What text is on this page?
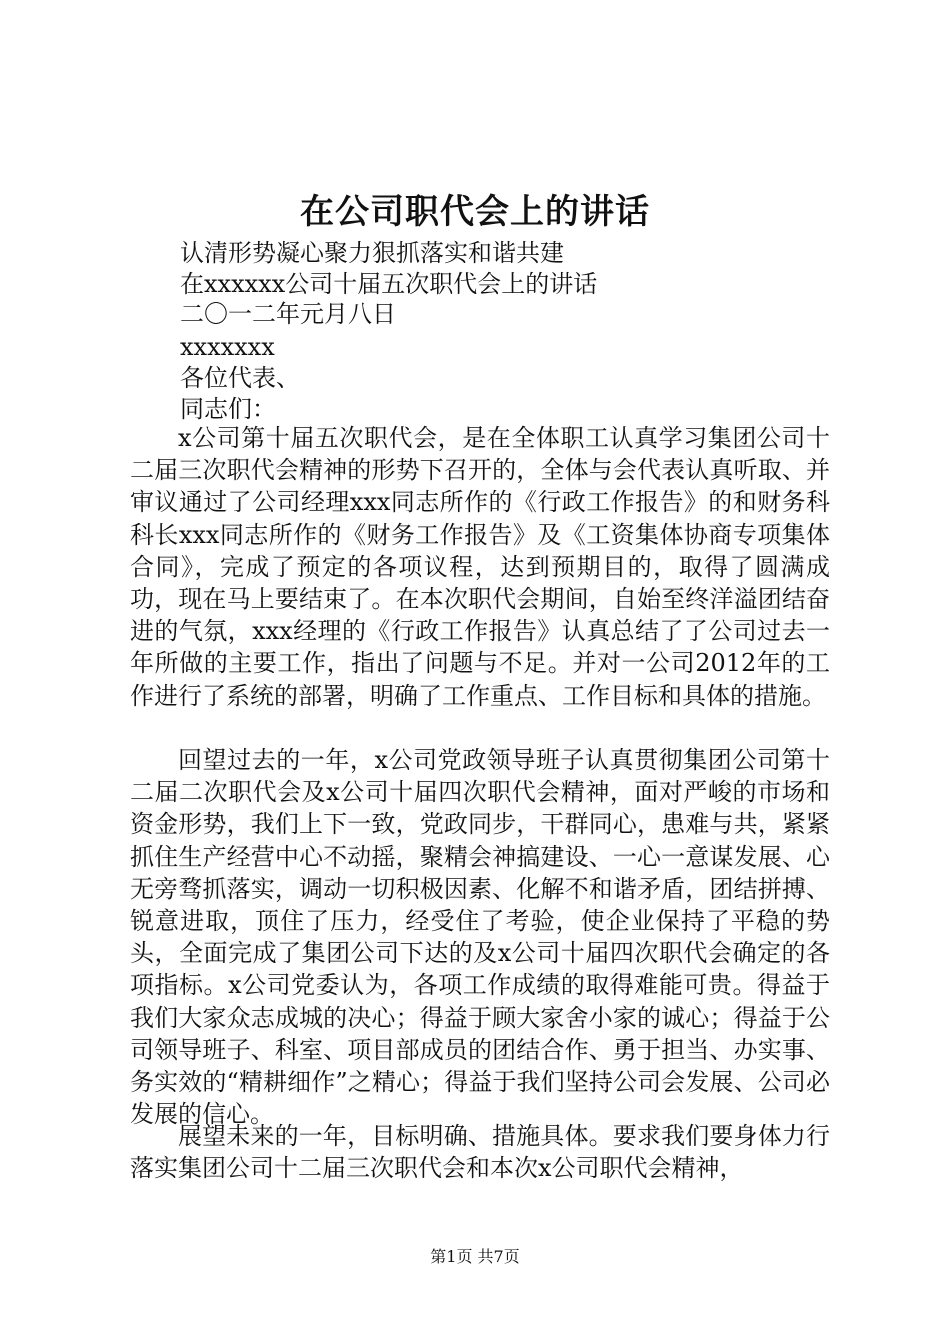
在公司职代会上的讲话
认清形势凝心聚力狠抓落实和谐共建
在xxxxxx公司十届五次职代会上的讲话
二〇一二年元月八日
xxxxxxx
各位代表、
同志们：

x公司第十届五次职代会，是在全体职工认真学习集团公司十二届三次职代会精神的形势下召开的，全体与会代表认真听取、并审议通过了公司经理xxx同志所作的《行政工作报告》的和财务科科长xxx同志所作的《财务工作报告》及《工资集体协商专项集体合同》，完成了预定的各项议程，达到预期目的，取得了圆满成功，现在马上要结束了。在本次职代会期间，自始至终洋溢团结奋进的气氛，xxx经理的《行政工作报告》认真总结了了公司过去一年所做的主要工作，指出了问题与不足。并对一公司2012年的工作进行了系统的部署，明确了工作重点、工作目标和具体的措施。

回望过去的一年，x公司党政领导班子认真贯彻集团公司第十二届二次职代会及x公司十届四次职代会精神，面对严峻的市场和资金形势，我们上下一致，党政同步，干群同心，患难与共，紧紧抓住生产经营中心不动摇，聚精会神搞建设、一心一意谋发展、心无旁骛抓落实，调动一切积极因素、化解不和谐矛盾，团结拼搏、锐意进取，顶住了压力，经受住了考验，使企业保持了平稳的势头，全面完成了集团公司下达的及x公司十届四次职代会确定的各项指标。x公司党委认为，各项工作成绩的取得难能可贵。得益于我们大家众志成城的决心；得益于顾大家舍小家的诚心；得益于公司领导班子、科室、项目部成员的团结合作、勇于担当、办实事、务实效的“精耕细作”之精心；得益于我们坚持公司会发展、公司必发展的信心。

展望未来的一年，目标明确、措施具体。要求我们要身体力行落实集团公司十二届三次职代会和本次x公司职代会精神，

第1页 共7页
